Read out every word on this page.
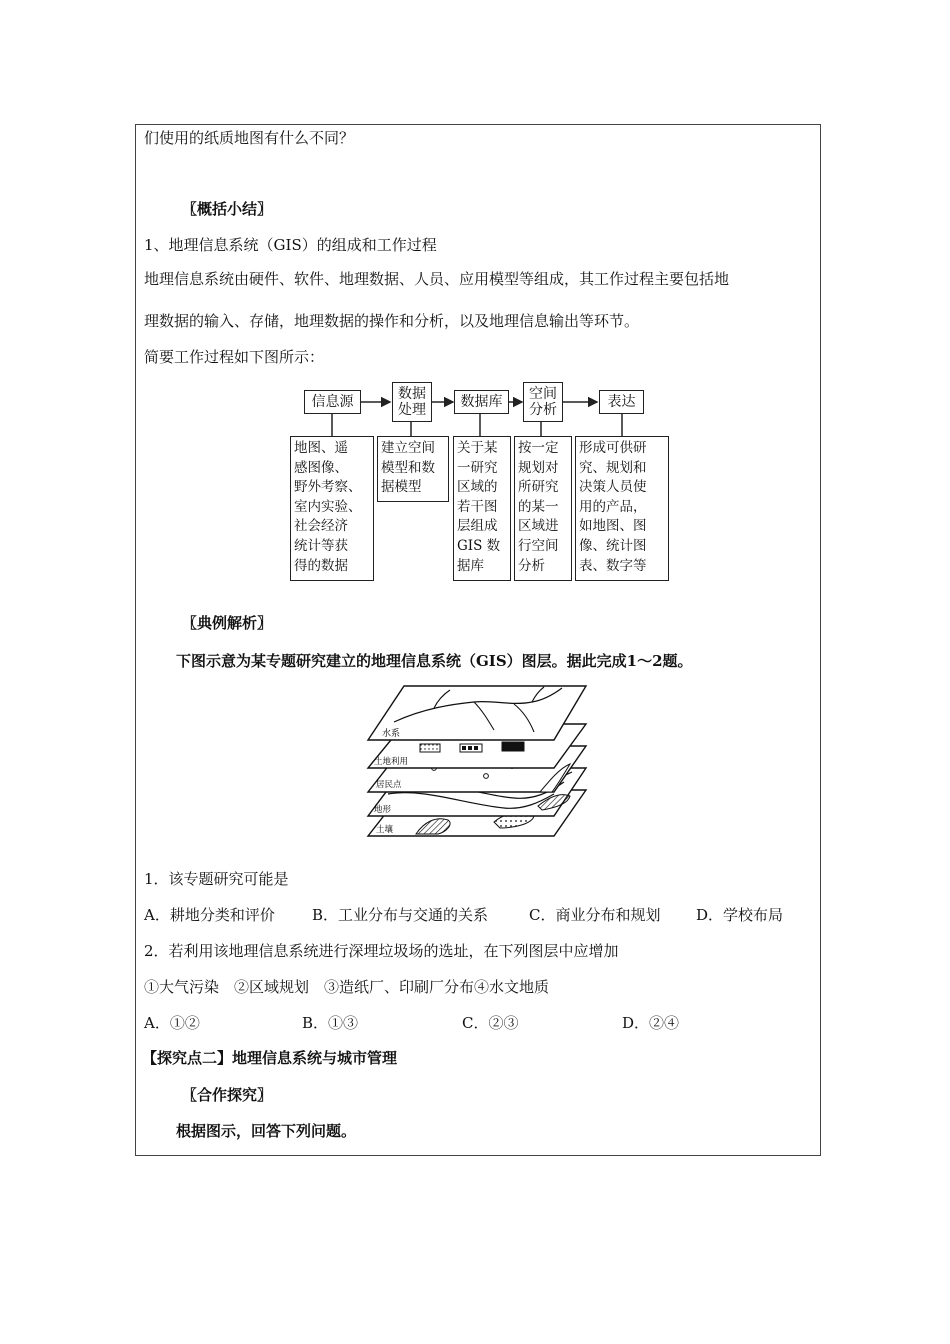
们使用的纸质地图有什么不同？
〖概括小结〗
1、地理信息系统（GIS）的组成和工作过程
地理信息系统由硬件、软件、地理数据、人员、应用模型等组成，其工作过程主要包括地
理数据的输入、存储，地理数据的操作和分析，以及地理信息输出等环节。
简要工作过程如下图所示：
信息源	数据
处理	数据库	空间
分析	表达
地图、遥
感图像、
野外考察、
室内实验、
社会经济
统计等获
得的数据
建立空间
模型和数
据模型
关于某
一研究
区域的
若干图
层组成
GIS 数
据库
按一定
规划对
所研究
的某一
区域进
行空间
分析
形成可供研
究、规划和
决策人员使
用的产品，
如地图、图
像、统计图
表、数字等
〖典例解析〗
下图示意为某专题研究建立的地理信息系统（GIS）图层。据此完成1～2题。
水系
土地利用
居民点
地形
土壤
1．该专题研究可能是
A．耕地分类和评价 B．工业分布与交通的关系	C．商业分布和规划 D．学校布局
2．若利用该地理信息系统进行深埋垃圾场的选址，在下列图层中应增加
①大气污染　②区域规划　③造纸厂、印刷厂分布④水文地质
A．①②	B．①③	C．②③	D．②④
【探究点二】地理信息系统与城市管理
〖合作探究〗
根据图示，回答下列问题。
